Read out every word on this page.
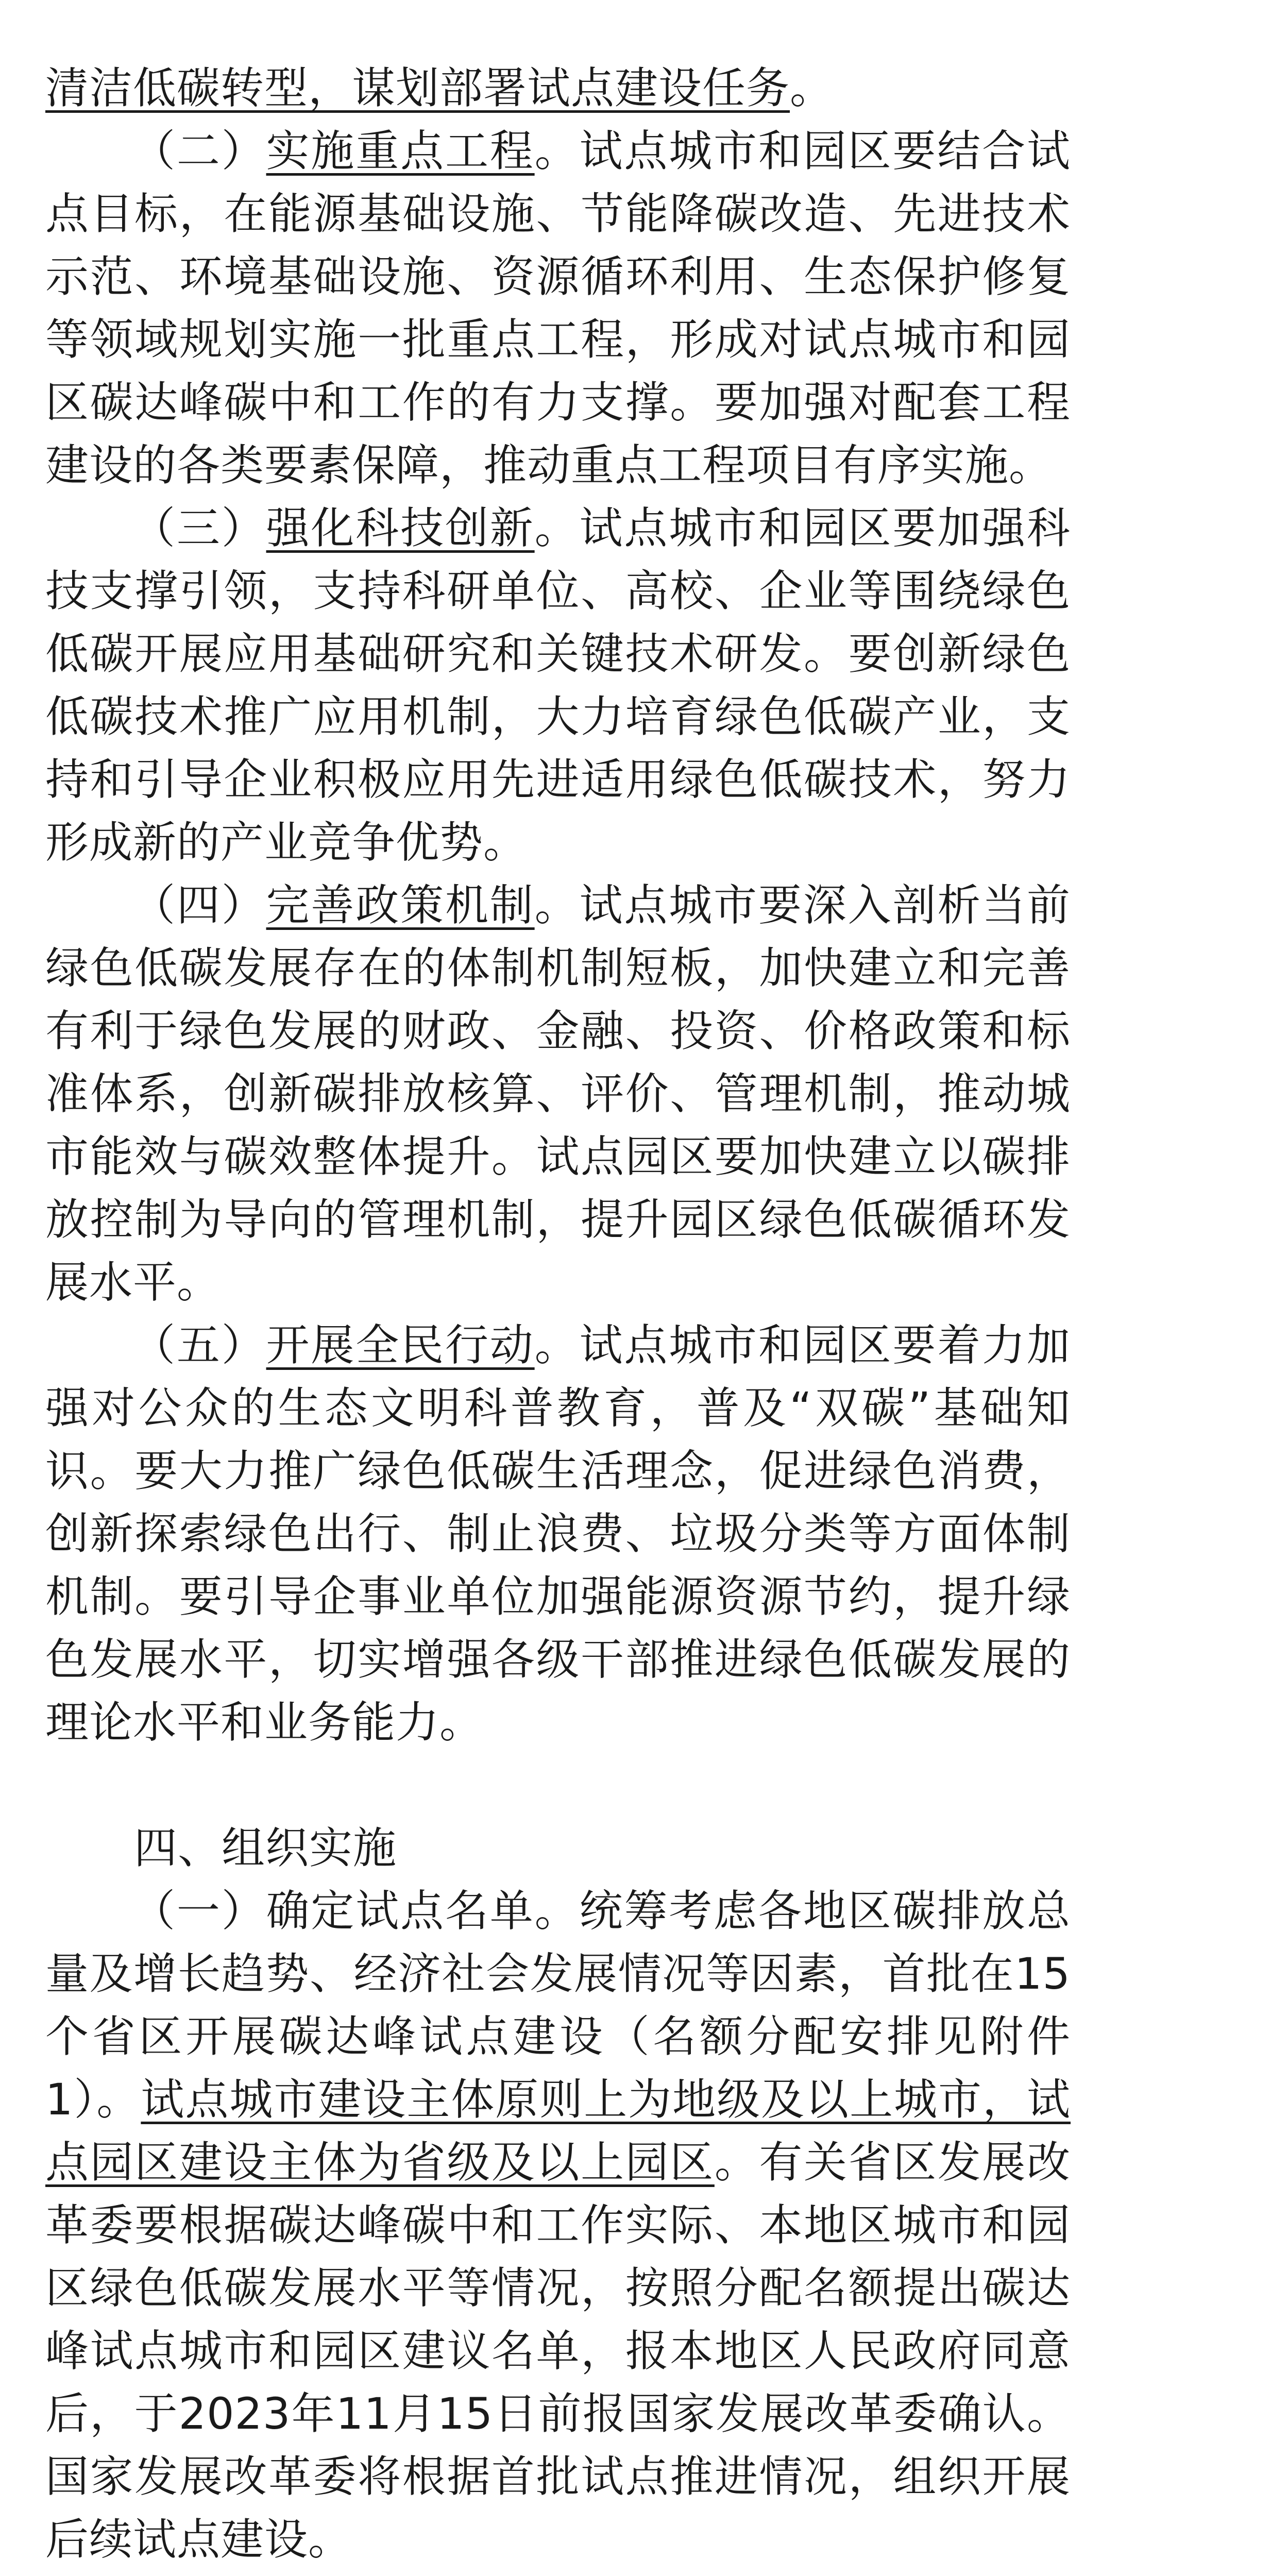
清洁低碳转型，谋划部署试点建设任务。

（二）实施重点工程。试点城市和园区要结合试点目标，在能源基础设施、节能降碳改造、先进技术示范、环境基础设施、资源循环利用、生态保护修复等领域规划实施一批重点工程，形成对试点城市和园区碳达峰碳中和工作的有力支撑。要加强对配套工程建设的各类要素保障，推动重点工程项目有序实施。

（三）强化科技创新。试点城市和园区要加强科技支撑引领，支持科研单位、高校、企业等围绕绿色低碳开展应用基础研究和关键技术研发。要创新绿色低碳技术推广应用机制，大力培育绿色低碳产业，支持和引导企业积极应用先进适用绿色低碳技术，努力形成新的产业竞争优势。

（四）完善政策机制。试点城市要深入剖析当前绿色低碳发展存在的体制机制短板，加快建立和完善有利于绿色发展的财政、金融、投资、价格政策和标准体系，创新碳排放核算、评价、管理机制，推动城市能效与碳效整体提升。试点园区要加快建立以碳排放控制为导向的管理机制，提升园区绿色低碳循环发展水平。

（五）开展全民行动。试点城市和园区要着力加强对公众的生态文明科普教育，普及“双碳”基础知识。要大力推广绿色低碳生活理念，促进绿色消费，创新探索绿色出行、制止浪费、垃圾分类等方面体制机制。要引导企事业单位加强能源资源节约，提升绿色发展水平，切实增强各级干部推进绿色低碳发展的理论水平和业务能力。

四、组织实施

（一）确定试点名单。统筹考虑各地区碳排放总量及增长趋势、经济社会发展情况等因素，首批在15个省区开展碳达峰试点建设（名额分配安排见附件1）。试点城市建设主体原则上为地级及以上城市，试点园区建设主体为省级及以上园区。有关省区发展改革委要根据碳达峰碳中和工作实际、本地区城市和园区绿色低碳发展水平等情况，按照分配名额提出碳达峰试点城市和园区建议名单，报本地区人民政府同意后，于2023年11月15日前报国家发展改革委确认。国家发展改革委将根据首批试点推进情况，组织开展后续试点建设。
